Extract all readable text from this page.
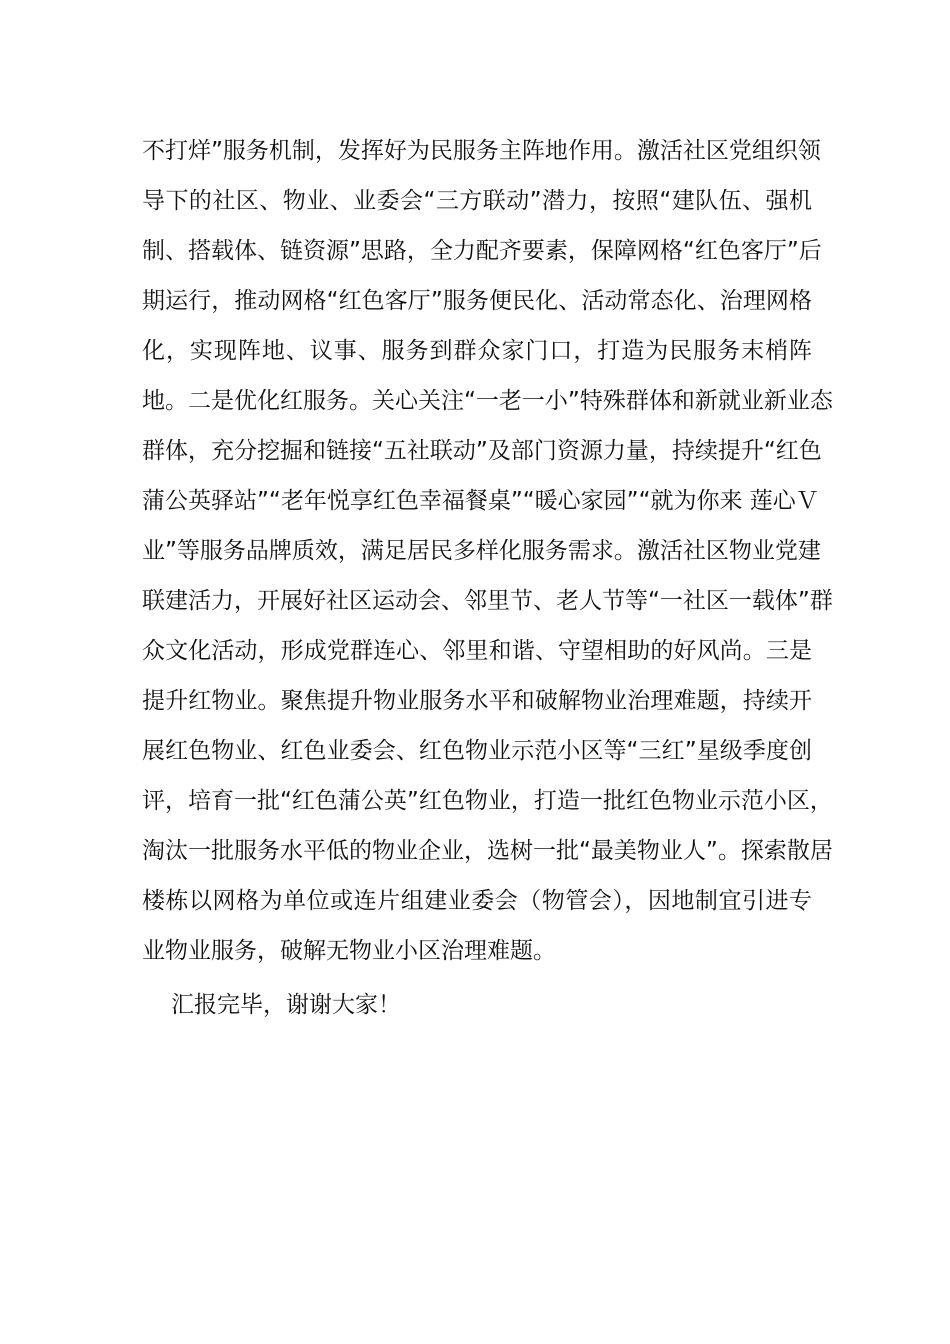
不打烊”服务机制，发挥好为民服务主阵地作用。激活社区党组织领
导下的社区、物业、业委会“三方联动”潜力，按照“建队伍、强机
制、搭载体、链资源”思路，全力配齐要素，保障网格“红色客厅”后
期运行，推动网格“红色客厅”服务便民化、活动常态化、治理网格
化，实现阵地、议事、服务到群众家门口，打造为民服务末梢阵
地。二是优化红服务。关心关注“一老一小”特殊群体和新就业新业态
群体，充分挖掘和链接“五社联动”及部门资源力量，持续提升“红色
蒲公英驿站”“老年悦享红色幸福餐桌”“暖心家园”“就为你来 莲心Ｖ
业”等服务品牌质效，满足居民多样化服务需求。激活社区物业党建
联建活力，开展好社区运动会、邻里节、老人节等“一社区一载体”群
众文化活动，形成党群连心、邻里和谐、守望相助的好风尚。三是
提升红物业。聚焦提升物业服务水平和破解物业治理难题，持续开
展红色物业、红色业委会、红色物业示范小区等“三红”星级季度创
评，培育一批“红色蒲公英”红色物业，打造一批红色物业示范小区，
淘汰一批服务水平低的物业企业，选树一批“最美物业人”。探索散居
楼栋以网格为单位或连片组建业委会（物管会），因地制宜引进专
业物业服务，破解无物业小区治理难题。
汇报完毕，谢谢大家！
